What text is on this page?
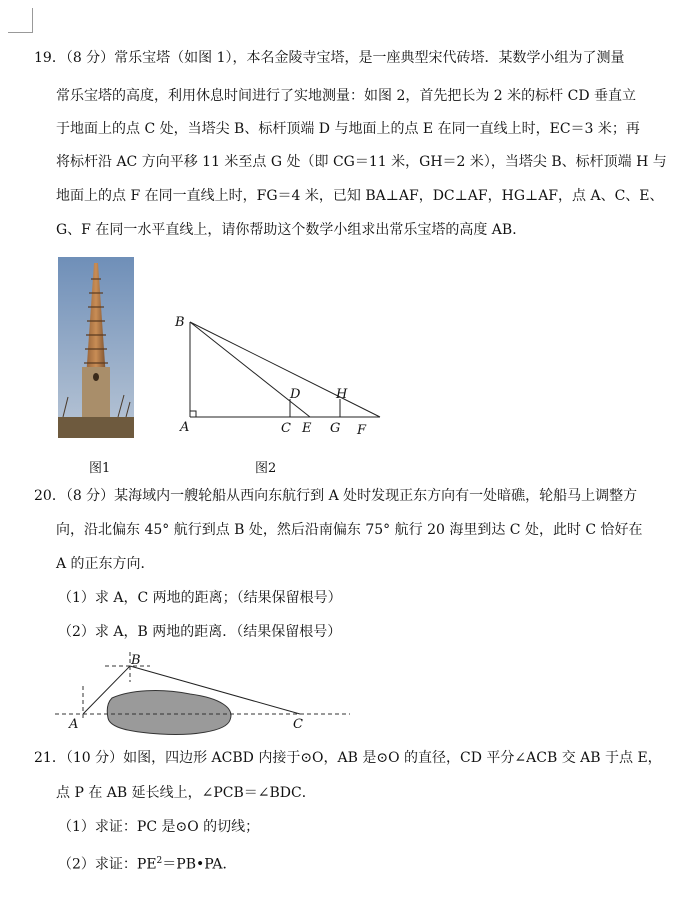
19．（8 分）常乐宝塔（如图 1），本名金陵寺宝塔，是一座典型宋代砖塔．某数学小组为了测量
常乐宝塔的高度，利用休息时间进行了实地测量：如图 2，首先把长为 2 米的标杆 CD 垂直立
于地面上的点 C 处，当塔尖 B、标杆顶端 D 与地面上的点 E 在同一直线上时，EC＝3 米；再
将标杆沿 AC 方向平移 11 米至点 G 处（即 CG＝11 米，GH＝2 米），当塔尖 B、标杆顶端 H 与
地面上的点 F 在同一直线上时，FG＝4 米，已知 BA⊥AF，DC⊥AF，HG⊥AF，点 A、C、E、
G、F 在同一水平直线上，请你帮助这个数学小组求出常乐宝塔的高度 AB．
图1
B
A	C
D
E G
H
F
图2
20．（8 分）某海域内一艘轮船从西向东航行到 A 处时发现正东方向有一处暗礁，轮船马上调整方
向，沿北偏东 45° 航行到点 B 处，然后沿南偏东 75° 航行 20 海里到达 C 处，此时 C 恰好在
A 的正东方向．
（1）求 A，C 两地的距离；（结果保留根号）
（2）求 A，B 两地的距离．（结果保留根号）
A
B
C
21．（10 分）如图，四边形 ACBD 内接于⊙O，AB 是⊙O 的直径，CD 平分∠ACB 交 AB 于点 E，
点 P 在 AB 延长线上，∠PCB＝∠BDC．
（1）求证：PC 是⊙O 的切线；
（2）求证：$PE^2=PB•PA$．
